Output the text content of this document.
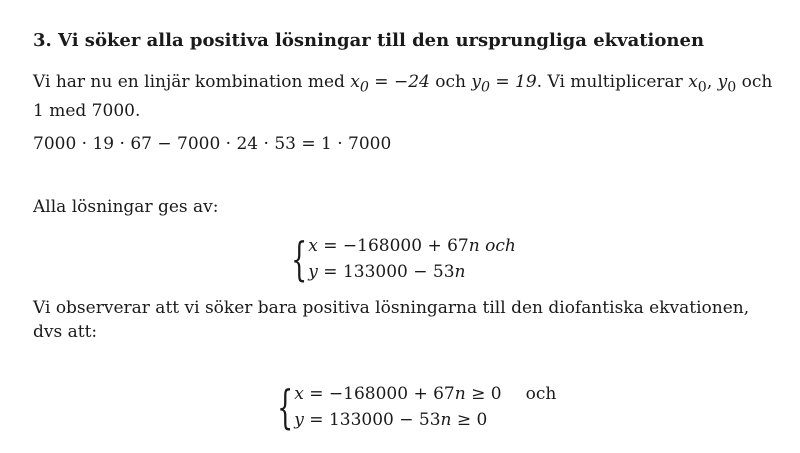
3. Vi söker alla positiva lösningar till den ursprungliga ekvationen
Vi har nu en linjär kombination med $x_0 = -24$ och $y_0 = 19$. Vi multiplicerar $x_0$, $y_0$ och
1 med 7000.
7000 · 19 · 67 − 7000 · 24 · 53 = 1 · 7000
Alla lösningar ges av:
{ x = −168000 + 67n och
y = 133000 − 53n
Vi observerar att vi söker bara positiva lösningarna till den diofantiska ekvationen, dvs att:
{ x = −168000 + 67n ≥ 0 och
y = 133000 − 53n ≥ 0
